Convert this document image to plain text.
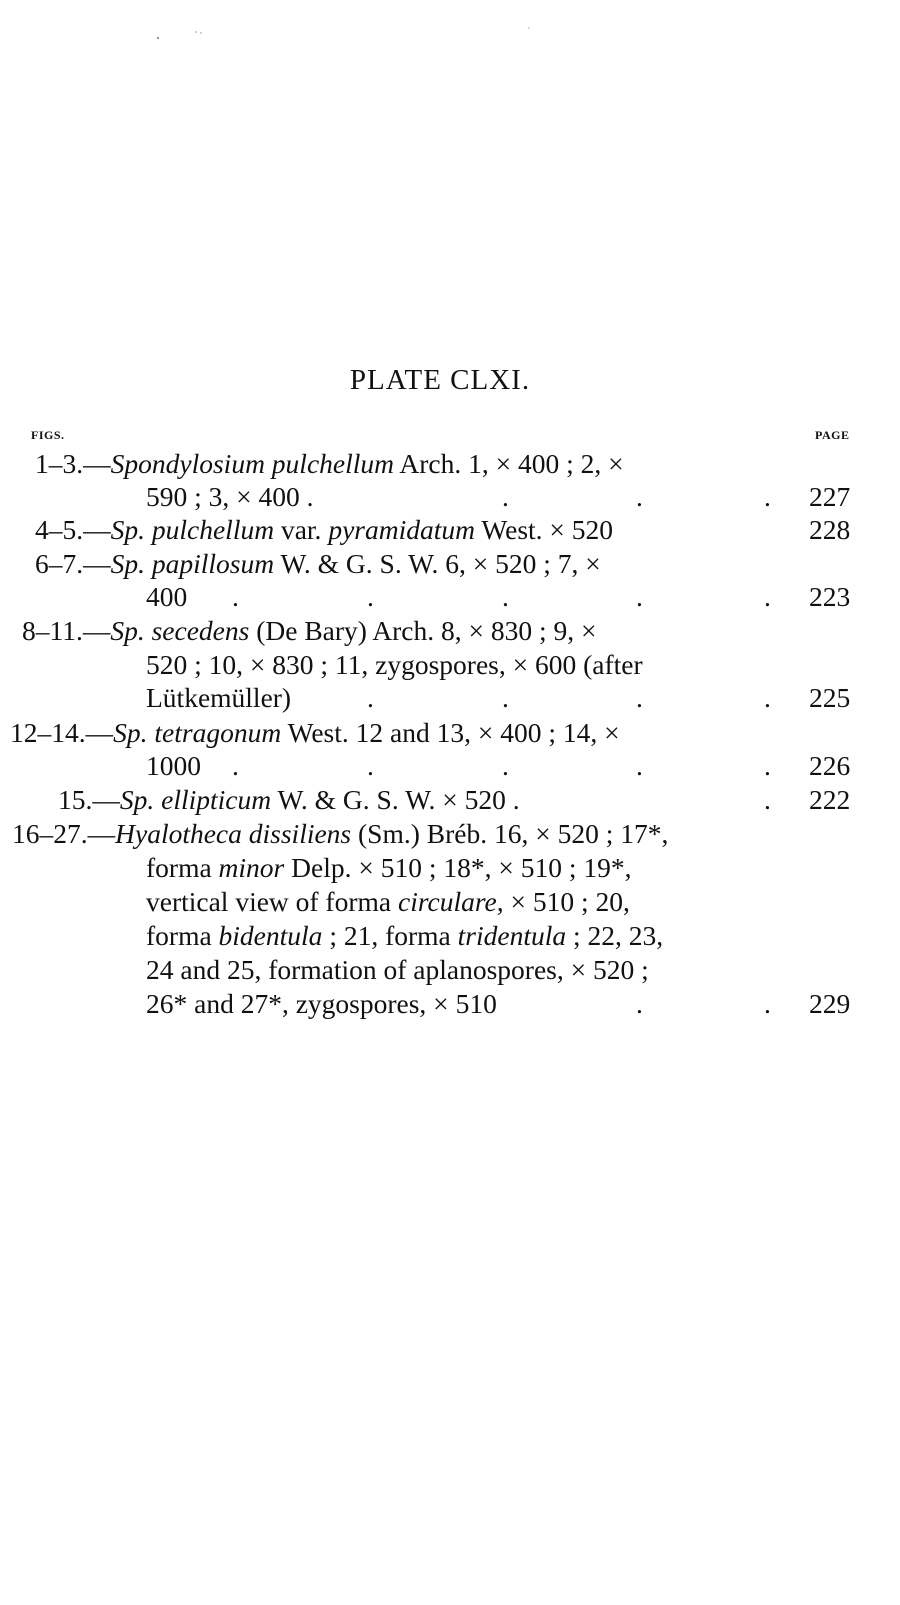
PLATE CLXI.
FIGS.	PAGE
1–3.—Spondylosium pulchellum Arch. 1, × 400 ; 2, ×
590 ; 3, × 400 .	.	.	. 227
4–5.—Sp. pulchellum var. pyramidatum West. × 520	228
6–7.—Sp. papillosum W. & G. S. W. 6, × 520 ; 7, ×
400 .	.	.	.	. 223
8–11.—Sp. secedens (De Bary) Arch. 8, × 830 ; 9, ×
520 ; 10, × 830 ; 11, zygospores, × 600 (after
Lütkemüller)	.	.	.	. 225
12–14.—Sp. tetragonum West. 12 and 13, × 400 ; 14, ×
1000 .	.	.	.	. 226
15.—Sp. ellipticum W. & G. S. W. × 520 .	. 222
16–27.—Hyalotheca dissiliens (Sm.) Bréb. 16, × 520 ; 17*,
forma minor Delp. × 510 ; 18*, × 510 ; 19*,
vertical view of forma circulare, × 510 ; 20,
forma bidentula ; 21, forma tridentula ; 22, 23,
24 and 25, formation of aplanospores, × 520 ;
26* and 27*, zygospores, × 510	.	. 229
